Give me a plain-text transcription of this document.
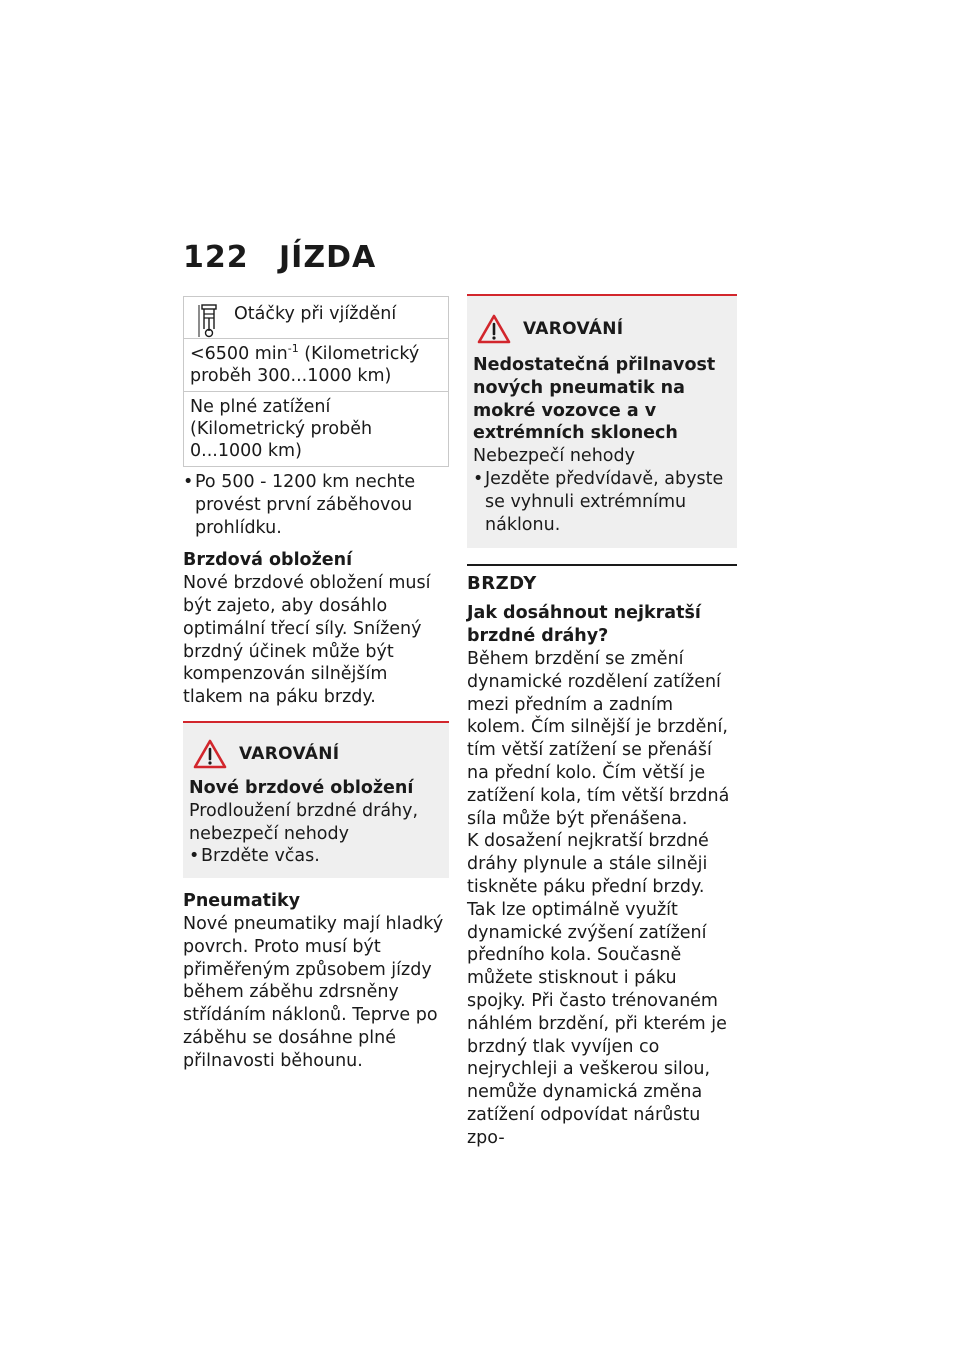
122 JÍZDA
Otáčky při vjíždění
<6500 $\min^{-1}$ (Kilometrický proběh 300...1000 km)
Ne plné zatížení (Kilometrický proběh 0...1000 km)
• Po 500 - 1200 km nechte provést první záběhovou prohlídku.
Brzdová obložení
Nové brzdové obložení musí být zajeto, aby dosáhlo optimální třecí síly. Snížený brzdný účinek může být kompenzován silnějším tlakem na páku brzdy.
VAROVÁNÍ
Nové brzdové obložení
Prodloužení brzdné dráhy, nebezpečí nehody
• Brzděte včas.
Pneumatiky
Nové pneumatiky mají hladký povrch. Proto musí být přiměřeným způsobem jízdy během záběhu zdrsněny střídáním náklonů. Teprve po záběhu se dosáhne plné přilnavosti běhounu.
VAROVÁNÍ
Nedostatečná přilnavost nových pneumatik na mokré vozovce a v extrémních sklonech
Nebezpečí nehody
• Jezděte předvídavě, abyste se vyhnuli extrémnímu náklonu.
BRZDY
Jak dosáhnout nejkratší brzdné dráhy?
Během brzdění se změní dynamické rozdělení zatížení mezi předním a zadním kolem. Čím silnější je brzdění, tím větší zatížení se přenáší na přední kolo. Čím větší je zatížení kola, tím větší brzdná síla může být přenášena.
K dosažení nejkratší brzdné dráhy plynule a stále silněji tiskněte páku přední brzdy. Tak lze optimálně využít dynamické zvýšení zatížení předního kola. Současně můžete stisknout i páku spojky. Při často trénovaném náhlém brzdění, při kterém je brzdný tlak vyvíjen co nejrychleji a veškerou silou, nemůže dynamická změna zatížení odpovídat nárůstu zpo-
